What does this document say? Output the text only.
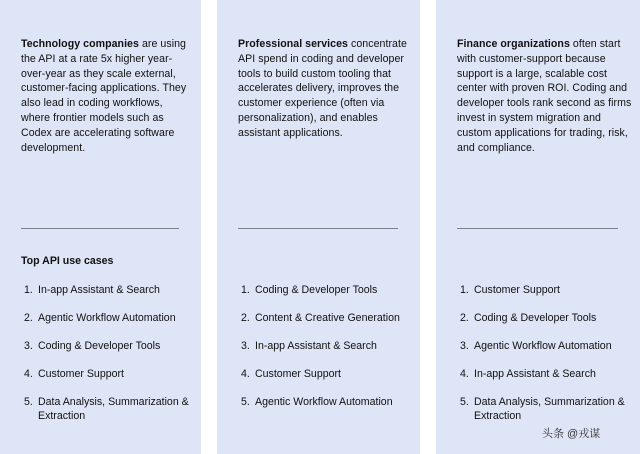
Technology companies are using the API at a rate 5x higher year-over-year as they scale external, customer-facing applications. They also lead in coding workflows, where frontier models such as Codex are accelerating software development.

Top API use cases

1. In-app Assistant & Search
2. Agentic Workflow Automation
3. Coding & Developer Tools
4. Customer Support
5. Data Analysis, Summarization & Extraction

Professional services concentrate API spend in coding and developer tools to build custom tooling that accelerates delivery, improves the customer experience (often via personalization), and enables assistant applications.

1. Coding & Developer Tools
2. Content & Creative Generation
3. In-app Assistant & Search
4. Customer Support
5. Agentic Workflow Automation

Finance organizations often start with customer-support because support is a large, scalable cost center with proven ROI. Coding and developer tools rank second as firms invest in system migration and custom applications for trading, risk, and compliance.

1. Customer Support
2. Coding & Developer Tools
3. Agentic Workflow Automation
4. In-app Assistant & Search
5. Data Analysis, Summarization & Extraction
头条 @戎谋
